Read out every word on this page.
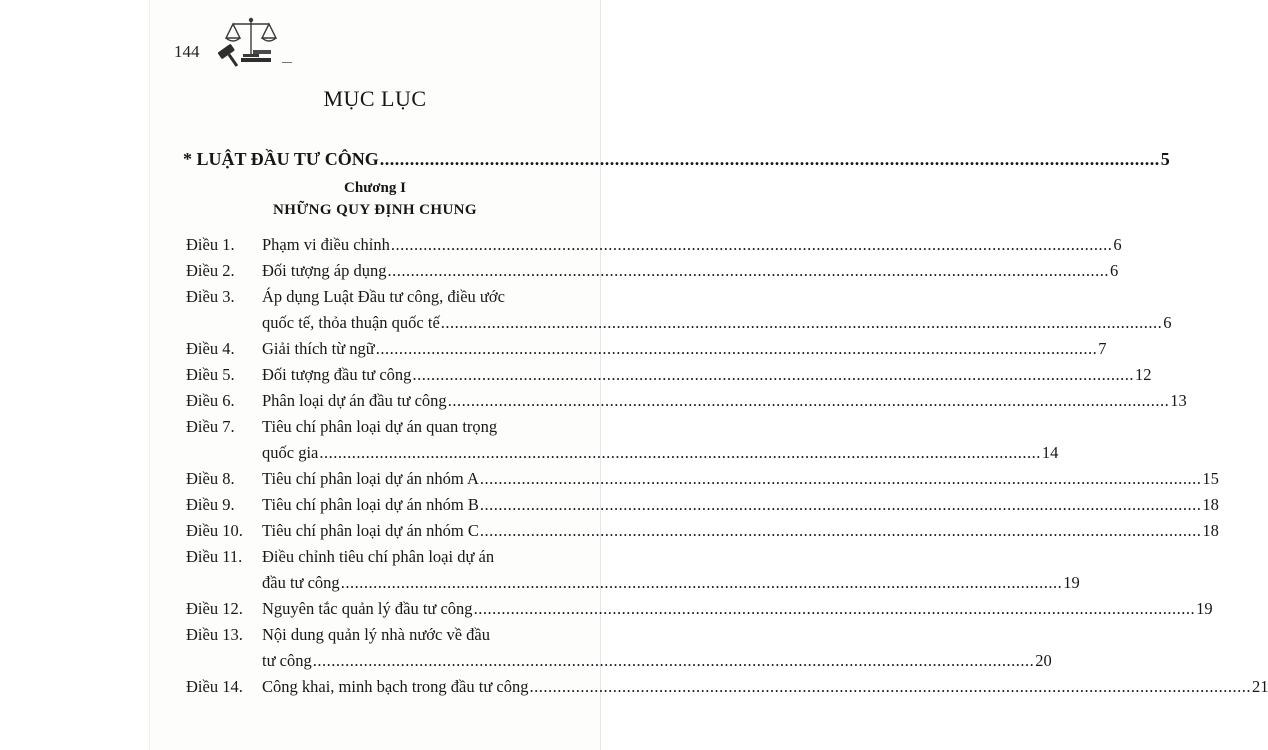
144
MỤC LỤC
* LUẬT ĐẦU TƯ CÔNG .....	5
Chương I
NHỮNG QUY ĐỊNH CHUNG
Điều 1.	Phạm vi điều chỉnh .....	6
Điều 2.	Đối tượng áp dụng .....	6
Điều 3.	Áp dụng Luật Đầu tư công, điều ước
quốc tế, thỏa thuận quốc tế .....	6
Điều 4.	Giải thích từ ngữ .....	7
Điều 5.	Đối tượng đầu tư công .....	12
Điều 6.	Phân loại dự án đầu tư công .....	13
Điều 7.	Tiêu chí phân loại dự án quan trọng
quốc gia .....	14
Điều 8.	Tiêu chí phân loại dự án nhóm A .....	15
Điều 9.	Tiêu chí phân loại dự án nhóm B .....	18
Điều 10.	Tiêu chí phân loại dự án nhóm C .....	18
Điều 11.	Điều chỉnh tiêu chí phân loại dự án
đầu tư công .....	19
Điều 12.	Nguyên tắc quản lý đầu tư công .....	19
Điều 13.	Nội dung quản lý nhà nước về đầu
tư công .....	20
Điều 14.	Công khai, minh bạch trong đầu tư công .....	21
